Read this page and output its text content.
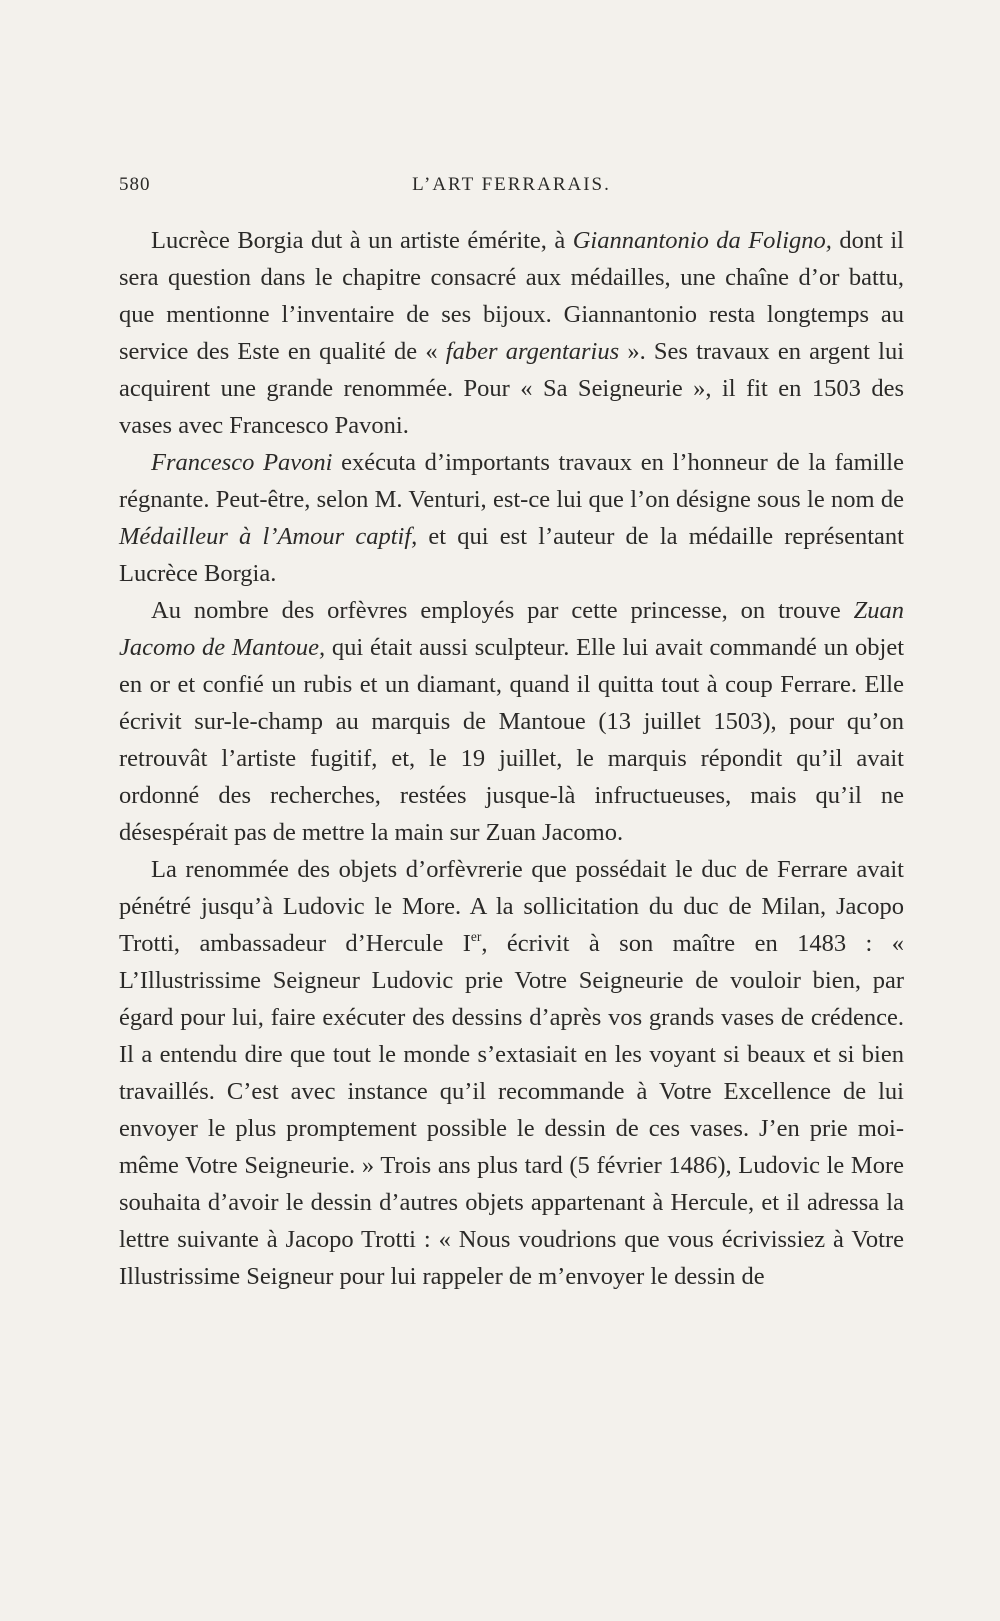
580	L’ART FERRARAIS.

Lucrèce Borgia dut à un artiste émérite, à Giannantonio da Foligno, dont il sera question dans le chapitre consacré aux médailles, une chaîne d’or battu, que mentionne l’inventaire de ses bijoux. Giannantonio resta longtemps au service des Este en qualité de « faber argentarius ». Ses travaux en argent lui acquirent une grande renommée. Pour « Sa Seigneurie », il fit en 1503 des vases avec Francesco Pavoni.

Francesco Pavoni exécuta d’importants travaux en l’honneur de la famille régnante. Peut-être, selon M. Venturi, est-ce lui que l’on désigne sous le nom de Médailleur à l’Amour captif, et qui est l’auteur de la médaille représentant Lucrèce Borgia.

Au nombre des orfèvres employés par cette princesse, on trouve Zuan Jacomo de Mantoue, qui était aussi sculpteur. Elle lui avait commandé un objet en or et confié un rubis et un diamant, quand il quitta tout à coup Ferrare. Elle écrivit sur-le-champ au marquis de Mantoue (13 juillet 1503), pour qu’on retrouvât l’artiste fugitif, et, le 19 juillet, le marquis répondit qu’il avait ordonné des recherches, restées jusque-là infructueuses, mais qu’il ne désespérait pas de mettre la main sur Zuan Jacomo.

La renommée des objets d’orfèvrerie que possédait le duc de Ferrare avait pénétré jusqu’à Ludovic le More. A la sollicitation du duc de Milan, Jacopo Trotti, ambassadeur d’Hercule Ier, écrivit à son maître en 1483 : « L’Illustrissime Seigneur Ludovic prie Votre Seigneurie de vouloir bien, par égard pour lui, faire exécuter des dessins d’après vos grands vases de crédence. Il a entendu dire que tout le monde s’extasiait en les voyant si beaux et si bien travaillés. C’est avec instance qu’il recommande à Votre Excellence de lui envoyer le plus promptement possible le dessin de ces vases. J’en prie moi-même Votre Seigneurie. » Trois ans plus tard (5 février 1486), Ludovic le More souhaita d’avoir le dessin d’autres objets appartenant à Hercule, et il adressa la lettre suivante à Jacopo Trotti : « Nous voudrions que vous écrivissiez à Votre Illustrissime Seigneur pour lui rappeler de m’envoyer le dessin de
